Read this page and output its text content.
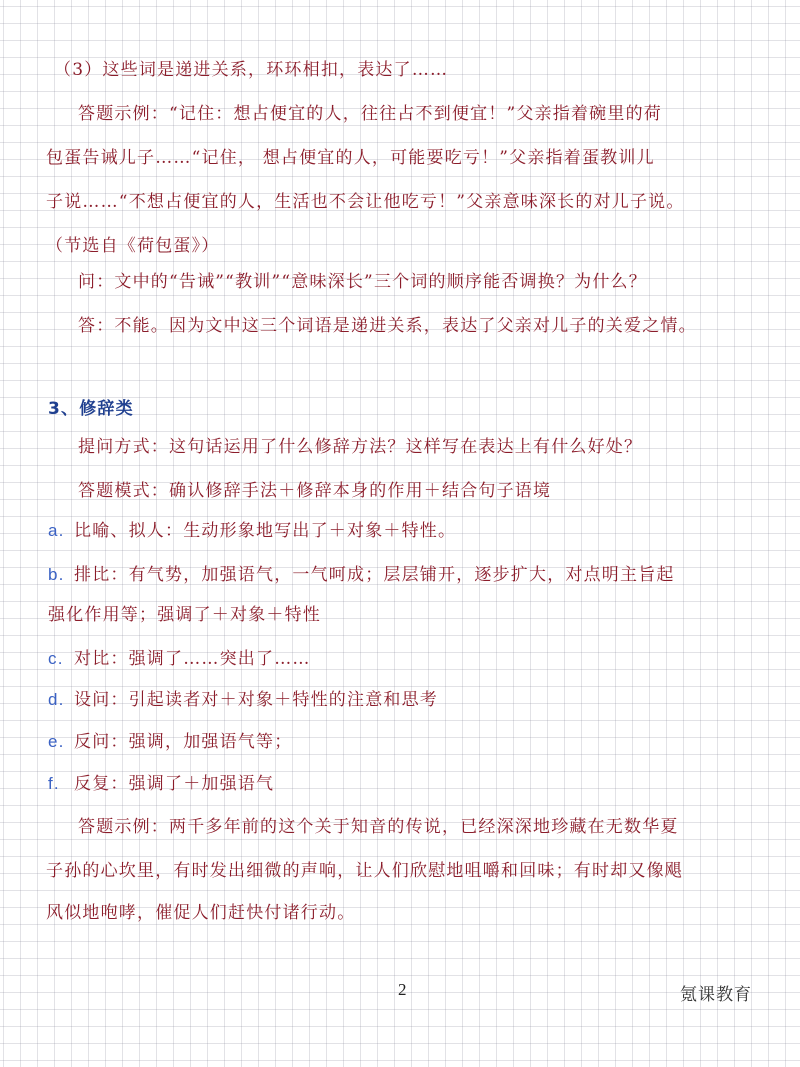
（3）这些词是递进关系，环环相扣，表达了……
答题示例：“记住：想占便宜的人，往往占不到便宜！”父亲指着碗里的荷
包蛋告诫儿子……“记住， 想占便宜的人，可能要吃亏！”父亲指着蛋教训儿
子说……“不想占便宜的人，生活也不会让他吃亏！”父亲意味深长的对儿子说。
（节选自《荷包蛋》）
问：文中的“告诫”“教训”“意味深长”三个词的顺序能否调换？为什么？
答：不能。因为文中这三个词语是递进关系，表达了父亲对儿子的关爱之情。
3、修辞类
提问方式：这句话运用了什么修辞方法？这样写在表达上有什么好处？
答题模式：确认修辞手法＋修辞本身的作用＋结合句子语境
a. 比喻、拟人：生动形象地写出了＋对象＋特性。
b. 排比：有气势，加强语气，一气呵成；层层铺开，逐步扩大，对点明主旨起
强化作用等；强调了＋对象＋特性
c. 对比：强调了……突出了……
d. 设问：引起读者对＋对象＋特性的注意和思考
e. 反问：强调，加强语气等；
f. 反复：强调了＋加强语气
答题示例：两千多年前的这个关于知音的传说，已经深深地珍藏在无数华夏
子孙的心坎里，有时发出细微的声响，让人们欣慰地咀嚼和回味；有时却又像飓
风似地咆哮，催促人们赶快付诸行动。
2	氪课教育
